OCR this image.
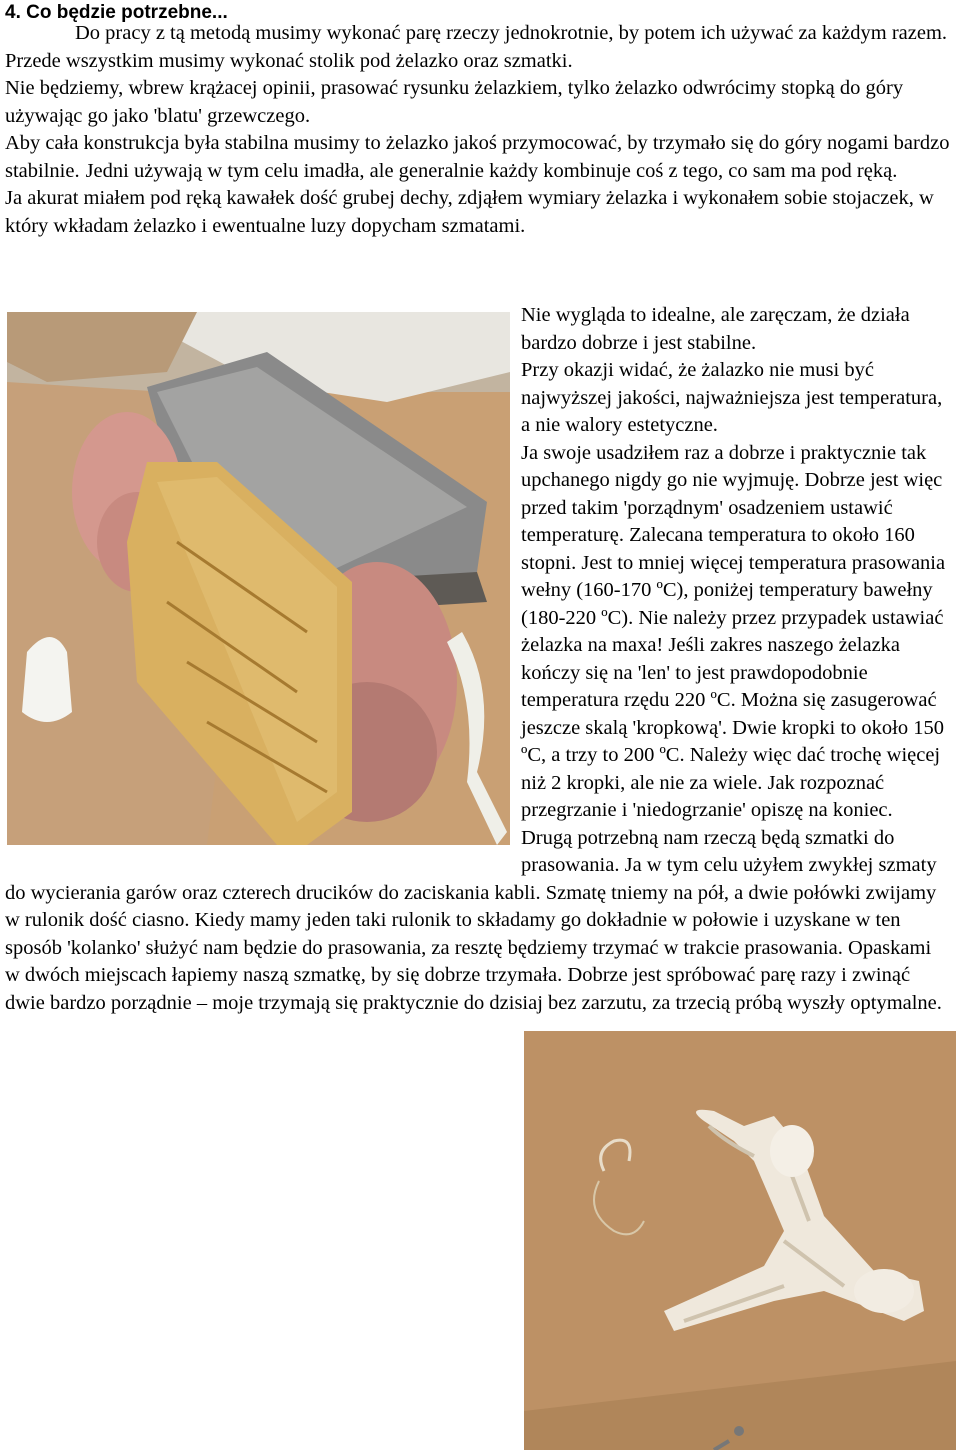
4. Co będzie potrzebne...

Do pracy z tą metodą musimy wykonać parę rzeczy jednokrotnie, by potem ich używać za każdym razem.

Przede wszystkim musimy wykonać stolik pod żelazko oraz szmatki.

Nie będziemy, wbrew krążacej opinii, prasować rysunku żelazkiem, tylko żelazko odwrócimy stopką do góry

używając go jako 'blatu' grzewczego.

Aby cała konstrukcja była stabilna musimy to żelazko jakoś przymocować, by trzymało się do góry nogami bardzo

stabilnie. Jedni używają w tym celu imadła, ale generalnie każdy kombinuje coś z tego, co sam ma pod ręką.

Ja akurat miałem pod ręką kawałek dość grubej dechy, zdjąłem wymiary żelazka i wykonałem sobie stojaczek, w

który wkładam żelazko i ewentualne luzy dopycham szmatami.

Nie wygląda to idealne, ale zaręczam, że działa

bardzo dobrze i jest stabilne.

Przy okazji widać, że żalazko nie musi być

najwyższej jakości, najważniejsza jest temperatura,

a nie walory estetyczne.

Ja swoje usadziłem raz a dobrze i praktycznie tak

upchanego nigdy go nie wyjmuję. Dobrze jest więc

przed takim 'porządnym' osadzeniem ustawić

temperaturę. Zalecana temperatura to około 160

stopni. Jest to mniej więcej temperatura prasowania

wełny (160-170 ºC), poniżej temperatury bawełny

(180-220 ºC). Nie należy przez przypadek ustawiać

żelazka na maxa! Jeśli zakres naszego żelazka

kończy się na 'len' to jest prawdopodobnie

temperatura rzędu 220 ºC. Można się zasugerować

jeszcze skalą 'kropkową'. Dwie kropki to około 150

ºC, a trzy to 200 ºC. Należy więc dać trochę więcej

niż 2 kropki, ale nie za wiele. Jak rozpoznać

przegrzanie i 'niedogrzanie' opiszę na koniec.

Drugą potrzebną nam rzeczą będą szmatki do

prasowania. Ja w tym celu użyłem zwykłej szmaty

do wycierania garów oraz czterech drucików do zaciskania kabli. Szmatę tniemy na pół, a dwie połówki zwijamy

w rulonik dość ciasno. Kiedy mamy jeden taki rulonik to składamy go dokładnie w połowie i uzyskane w ten

sposób 'kolanko' służyć nam będzie do prasowania, za resztę będziemy trzymać w trakcie prasowania. Opaskami

w dwóch miejscach łapiemy naszą szmatkę, by się dobrze trzymała. Dobrze jest spróbować parę razy i zwinąć

dwie bardzo porządnie – moje trzymają się praktycznie do dzisiaj bez zarzutu, za trzecią próbą wyszły optymalne.
